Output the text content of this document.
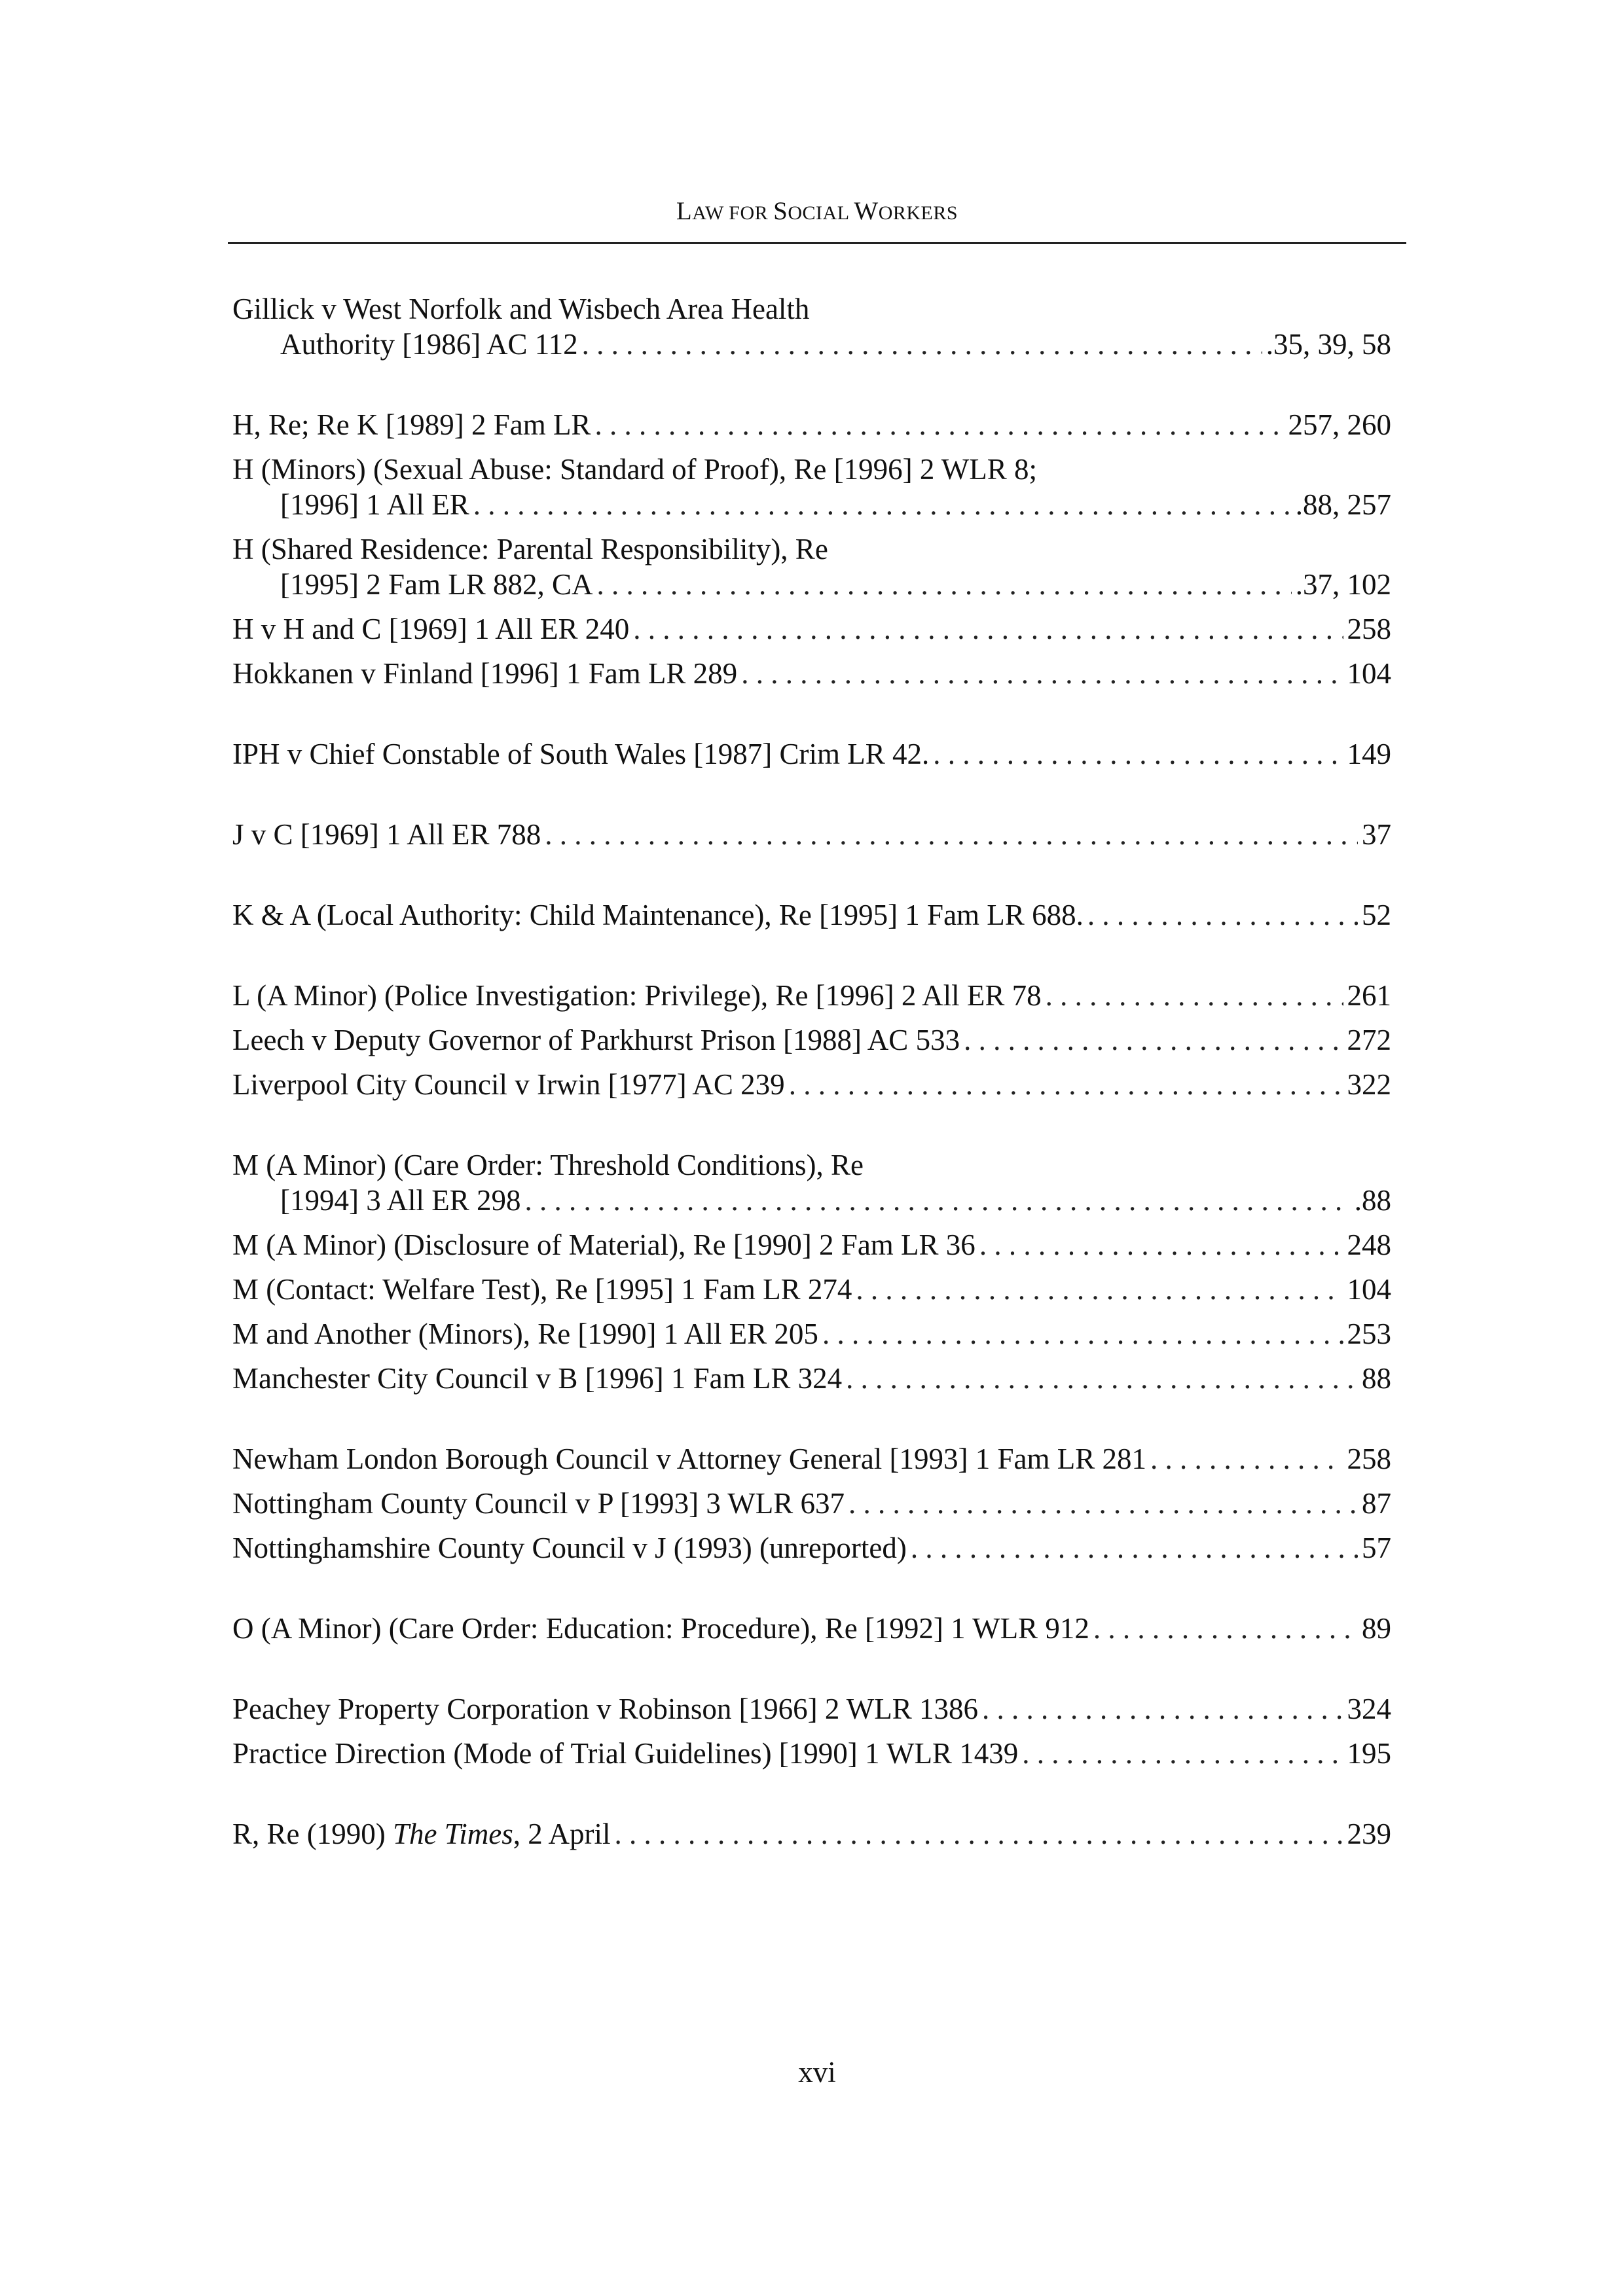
LAW FOR SOCIAL WORKERS
Gillick v West Norfolk and Wisbech Area Health
Authority [1986] AC 112 . . .	.35, 39, 58
H, Re; Re K [1989] 2 Fam LR . . .	257, 260
H (Minors) (Sexual Abuse: Standard of Proof), Re [1996] 2 WLR 8;
[1996] 1 All ER . . .	.88, 257
H (Shared Residence: Parental Responsibility), Re
[1995] 2 Fam LR 882, CA . . .	.37, 102
H v H and C [1969] 1 All ER 240 . . .	258
Hokkanen v Finland [1996] 1 Fam LR 289 . . .	104
IPH v Chief Constable of South Wales [1987] Crim LR 42. . . .	149
J v C [1969] 1 All ER 788 . . .	37
K & A (Local Authority: Child Maintenance), Re [1995] 1 Fam LR 688. . . .	52
L (A Minor) (Police Investigation: Privilege), Re [1996] 2 All ER 78 . . .	261
Leech v Deputy Governor of Parkhurst Prison [1988] AC 533 . . .	272
Liverpool City Council v Irwin [1977] AC 239 . . .	322
M (A Minor) (Care Order: Threshold Conditions), Re
[1994] 3 All ER 298 . . .	.88
M (A Minor) (Disclosure of Material), Re [1990] 2 Fam LR 36 . . .	248
M (Contact: Welfare Test), Re [1995] 1 Fam LR 274 . . .	104
M and Another (Minors), Re [1990] 1 All ER 205 . . .	253
Manchester City Council v B [1996] 1 Fam LR 324 . . .	88
Newham London Borough Council v Attorney General [1993] 1 Fam LR 281 . . .	258
Nottingham County Council v P [1993] 3 WLR 637 . . .	87
Nottinghamshire County Council v J (1993) (unreported) . . .	57
O (A Minor) (Care Order: Education: Procedure), Re [1992] 1 WLR 912 . . .	89
Peachey Property Corporation v Robinson [1966] 2 WLR 1386 . . .	324
Practice Direction (Mode of Trial Guidelines) [1990] 1 WLR 1439 . . .	195
R, Re (1990) The Times, 2 April . . .	239
xvi
